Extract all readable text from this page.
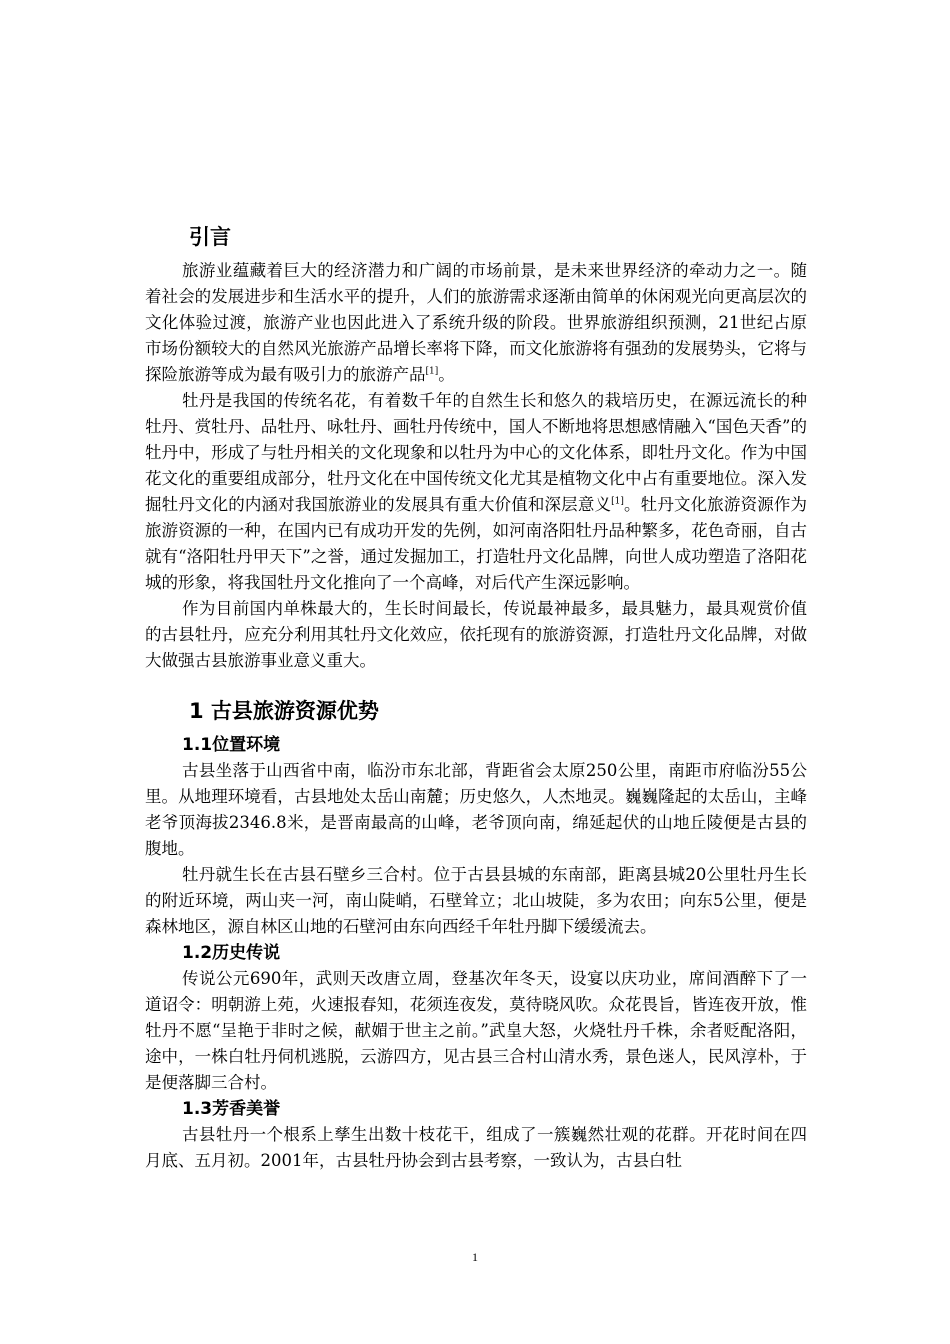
引言

旅游业蕴藏着巨大的经济潜力和广阔的市场前景，是未来世界经济的牵动力之一。随着社会的发展进步和生活水平的提升，人们的旅游需求逐渐由简单的休闲观光向更高层次的文化体验过渡，旅游产业也因此进入了系统升级的阶段。世界旅游组织预测，21世纪占原市场份额较大的自然风光旅游产品增长率将下降，而文化旅游将有强劲的发展势头，它将与探险旅游等成为最有吸引力的旅游产品[1]。

牡丹是我国的传统名花，有着数千年的自然生长和悠久的栽培历史，在源远流长的种牡丹、赏牡丹、品牡丹、咏牡丹、画牡丹传统中，国人不断地将思想感情融入“国色天香”的牡丹中，形成了与牡丹相关的文化现象和以牡丹为中心的文化体系，即牡丹文化。作为中国花文化的重要组成部分，牡丹文化在中国传统文化尤其是植物文化中占有重要地位。深入发掘牡丹文化的内涵对我国旅游业的发展具有重大价值和深层意义[1]。牡丹文化旅游资源作为旅游资源的一种，在国内已有成功开发的先例，如河南洛阳牡丹品种繁多，花色奇丽，自古就有“洛阳牡丹甲天下”之誉，通过发掘加工，打造牡丹文化品牌，向世人成功塑造了洛阳花城的形象，将我国牡丹文化推向了一个高峰，对后代产生深远影响。

作为目前国内单株最大的，生长时间最长，传说最神最多，最具魅力，最具观赏价值的古县牡丹，应充分利用其牡丹文化效应，依托现有的旅游资源，打造牡丹文化品牌，对做大做强古县旅游事业意义重大。

1 古县旅游资源优势
1.1位置环境

古县坐落于山西省中南，临汾市东北部，背距省会太原250公里，南距市府临汾55公里。从地理环境看，古县地处太岳山南麓；历史悠久，人杰地灵。巍巍隆起的太岳山，主峰老爷顶海拔2346.8米，是晋南最高的山峰，老爷顶向南，绵延起伏的山地丘陵便是古县的腹地。

牡丹就生长在古县石壁乡三合村。位于古县县城的东南部，距离县城20公里牡丹生长的附近环境，两山夹一河，南山陡峭，石壁耸立；北山坡陡，多为农田；向东5公里，便是森林地区，源自林区山地的石壁河由东向西经千年牡丹脚下缓缓流去。

1.2历史传说

传说公元690年，武则天改唐立周，登基次年冬天，设宴以庆功业，席间酒醉下了一道诏令：明朝游上苑，火速报春知，花须连夜发，莫待晓风吹。众花畏旨，皆连夜开放，惟牡丹不愿“呈艳于非时之候，献媚于世主之前。”武皇大怒，火烧牡丹千株，余者贬配洛阳，途中，一株白牡丹伺机逃脱，云游四方，见古县三合村山清水秀，景色迷人，民风淳朴，于是便落脚三合村。

1.3芳香美誉

古县牡丹一个根系上孳生出数十枝花干，组成了一簇巍然壮观的花群。开花时间在四月底、五月初。2001年，古县牡丹协会到古县考察，一致认为，古县白牡

1
